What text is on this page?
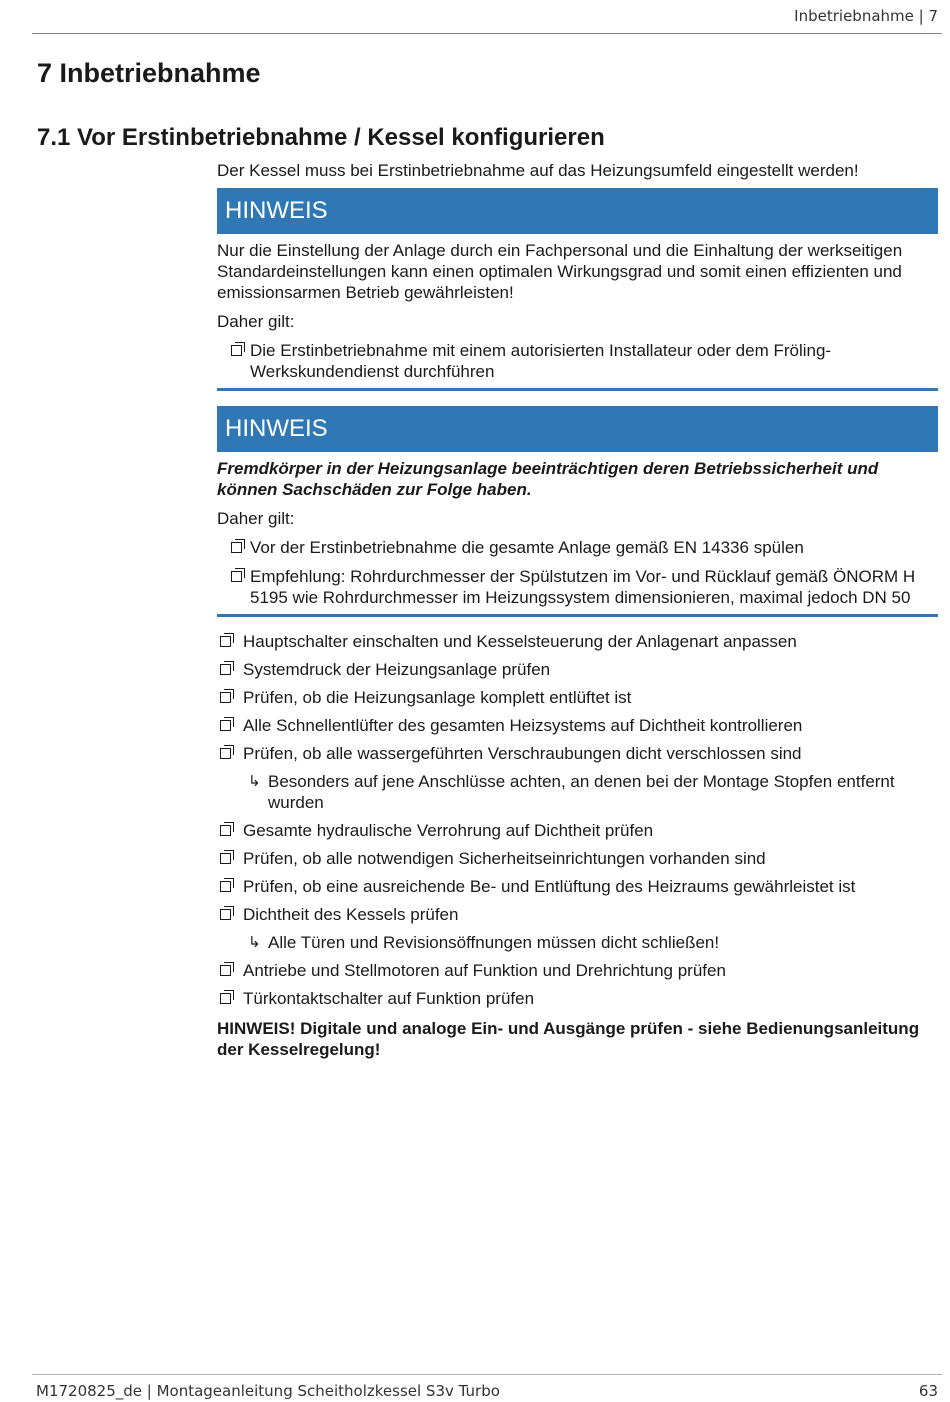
Inbetriebnahme | 7
7 Inbetriebnahme
7.1 Vor Erstinbetriebnahme / Kessel konfigurieren

Der Kessel muss bei Erstinbetriebnahme auf das Heizungsumfeld eingestellt werden!

HINWEIS

Nur die Einstellung der Anlage durch ein Fachpersonal und die Einhaltung der werkseitigen Standardeinstellungen kann einen optimalen Wirkungsgrad und somit einen effizienten und emissionsarmen Betrieb gewährleisten!

Daher gilt:

Die Erstinbetriebnahme mit einem autorisierten Installateur oder dem Fröling-Werkskundendienst durchführen
HINWEIS

Fremdkörper in der Heizungsanlage beeinträchtigen deren Betriebssicherheit und können Sachschäden zur Folge haben.

Daher gilt:

Vor der Erstinbetriebnahme die gesamte Anlage gemäß EN 14336 spülen
Empfehlung: Rohrdurchmesser der Spülstutzen im Vor- und Rücklauf gemäß ÖNORM H 5195 wie Rohrdurchmesser im Heizungssystem dimensionieren, maximal jedoch DN 50
Hauptschalter einschalten und Kesselsteuerung der Anlagenart anpassen
Systemdruck der Heizungsanlage prüfen
Prüfen, ob die Heizungsanlage komplett entlüftet ist
Alle Schnellentlüfter des gesamten Heizsystems auf Dichtheit kontrollieren
Prüfen, ob alle wassergeführten Verschraubungen dicht verschlossen sind
↳ Besonders auf jene Anschlüsse achten, an denen bei der Montage Stopfen entfernt wurden
Gesamte hydraulische Verrohrung auf Dichtheit prüfen
Prüfen, ob alle notwendigen Sicherheitseinrichtungen vorhanden sind
Prüfen, ob eine ausreichende Be- und Entlüftung des Heizraums gewährleistet ist
Dichtheit des Kessels prüfen
↳ Alle Türen und Revisionsöffnungen müssen dicht schließen!
Antriebe und Stellmotoren auf Funktion und Drehrichtung prüfen
Türkontaktschalter auf Funktion prüfen

HINWEIS! Digitale und analoge Ein- und Ausgänge prüfen - siehe Bedienungsanleitung der Kesselregelung!

M1720825_de | Montageanleitung Scheitholzkessel S3v Turbo	63
